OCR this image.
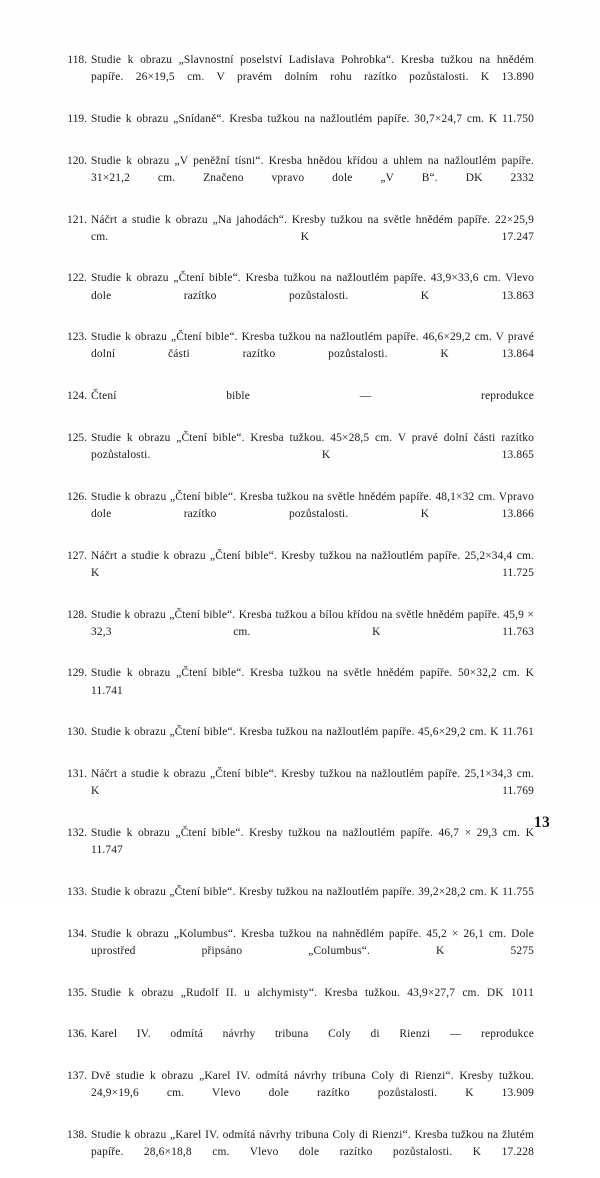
118. Studie k obrazu „Slavnostní poselství Ladislava Pohrobka“. Kresba tužkou na hnědém papíře. 26×19,5 cm. V pravém dolním rohu razítko pozůstalosti. K 13.890
119. Studie k obrazu „Snídaně“. Kresba tužkou na nažloutlém papíře. 30,7×24,7 cm. K 11.750
120. Studie k obrazu „V peněžní tísni“. Kresba hnědou křídou a uhlem na nažloutlém papíře. 31×21,2 cm. Značeno vpravo dole „V B“. DK 2332
121. Náčrt a studie k obrazu „Na jahodách“. Kresby tužkou na světle hnědém papíře. 22×25,9 cm. K 17.247
122. Studie k obrazu „Čtení bible“. Kresba tužkou na nažloutlém papíře. 43,9×33,6 cm. Vlevo dole razítko pozůstalosti. K 13.863
123. Studie k obrazu „Čtení bible“. Kresba tužkou na nažloutlém papíře. 46,6×29,2 cm. V pravé dolní části razítko pozůstalosti. K 13.864
124. Čtení bible — reprodukce
125. Studie k obrazu „Čtení bible“. Kresba tužkou. 45×28,5 cm. V pravé dolní části razítko pozůstalosti. K 13.865
126. Studie k obrazu „Čtení bible“. Kresba tužkou na světle hnědém papíře. 48,1×32 cm. Vpravo dole razítko pozůstalosti. K 13.866
127. Náčrt a studie k obrazu „Čtení bible“. Kresby tužkou na nažloutlém papíře. 25,2×34,4 cm. K 11.725
128. Studie k obrazu „Čtení bible“. Kresba tužkou a bílou křídou na světle hnědém papíře. 45,9 × 32,3 cm. K 11.763
129. Studie k obrazu „Čtení bible“. Kresba tužkou na světle hnědém papíře. 50×32,2 cm. K 11.741
130. Studie k obrazu „Čtení bible“. Kresba tužkou na nažloutlém papíře. 45,6×29,2 cm. K 11.761
131. Náčrt a studie k obrazu „Čtení bible“. Kresby tužkou na nažloutlém papíře. 25,1×34,3 cm. K 11.769
132. Studie k obrazu „Čtení bible“. Kresby tužkou na nažloutlém papíře. 46,7 × 29,3 cm. K 11.747
133. Studie k obrazu „Čtení bible“. Kresby tužkou na nažloutlém papíře. 39,2×28,2 cm. K 11.755
134. Studie k obrazu „Kolumbus“. Kresba tužkou na nahnědlém papíře. 45,2 × 26,1 cm. Dole uprostřed připsáno „Columbus“. K 5275
135. Studie k obrazu „Rudolf II. u alchymisty“. Kresba tužkou. 43,9×27,7 cm. DK 1011
136. Karel IV. odmítá návrhy tribuna Coly di Rienzi — reprodukce
137. Dvě studie k obrazu „Karel IV. odmítá návrhy tribuna Coly di Rienzi“. Kresby tužkou. 24,9×19,6 cm. Vlevo dole razítko pozůstalosti. K 13.909
138. Studie k obrazu „Karel IV. odmítá návrhy tribuna Coly di Rienzi“. Kresba tužkou na žlutém papíře. 28,6×18,8 cm. Vlevo dole razítko pozůstalosti. K 17.228
13
